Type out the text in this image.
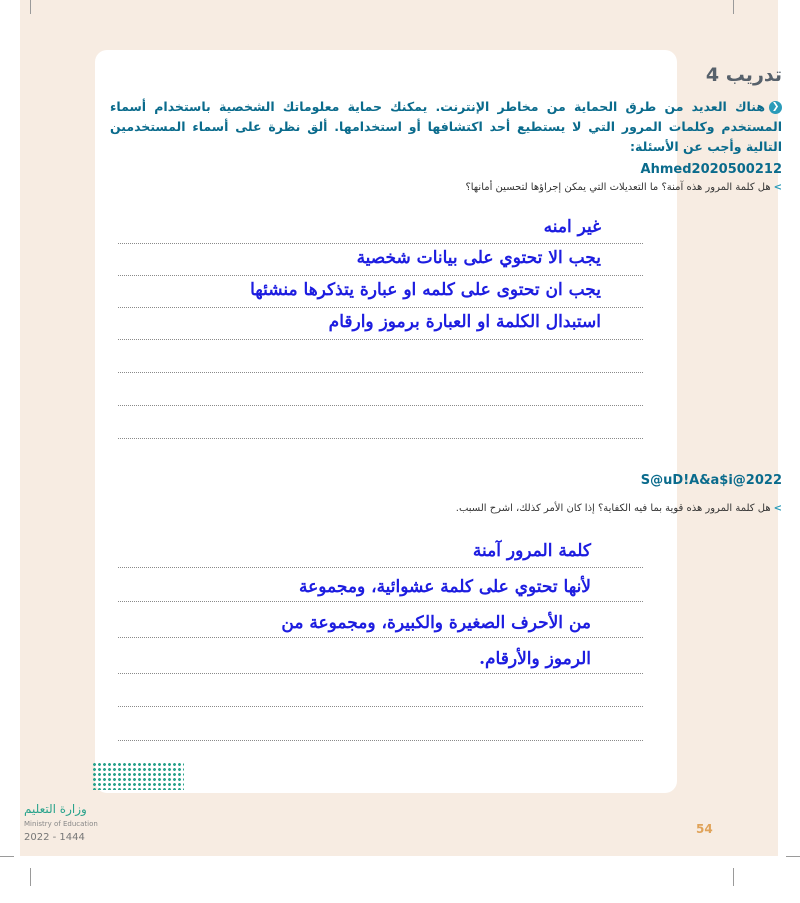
تدريب 4
❮هناك العديد من طرق الحماية من مخاطر الإنترنت. يمكنك حماية معلوماتك الشخصية باستخدام أسماء المستخدم وكلمات المرور التي لا يستطيع أحد اكتشافها أو استخدامها. ألق نظرة على أسماء المستخدمين التالية وأجب عن الأسئلة:
Ahmed2020500212
>هل كلمة المرور هذه آمنة؟ ما التعديلات التي يمكن إجراؤها لتحسين أمانها؟
غير امنه
يجب الا تحتوي على بيانات شخصية
يجب ان تحتوى على كلمه او عبارة يتذكرها منشئها
استبدال الكلمة او العبارة برموز وارقام
S@uD!A&a$i@2022
>هل كلمة المرور هذه قوية بما فيه الكفاية؟ إذا كان الأمر كذلك، اشرح السبب.
كلمة المرور آمنة
لأنها تحتوي على كلمة عشوائية، ومجموعة
من الأحرف الصغيرة والكبيرة، ومجموعة من
الرموز والأرقام.
وزارة التعليم
Ministry of Education
2022 - 1444
54
